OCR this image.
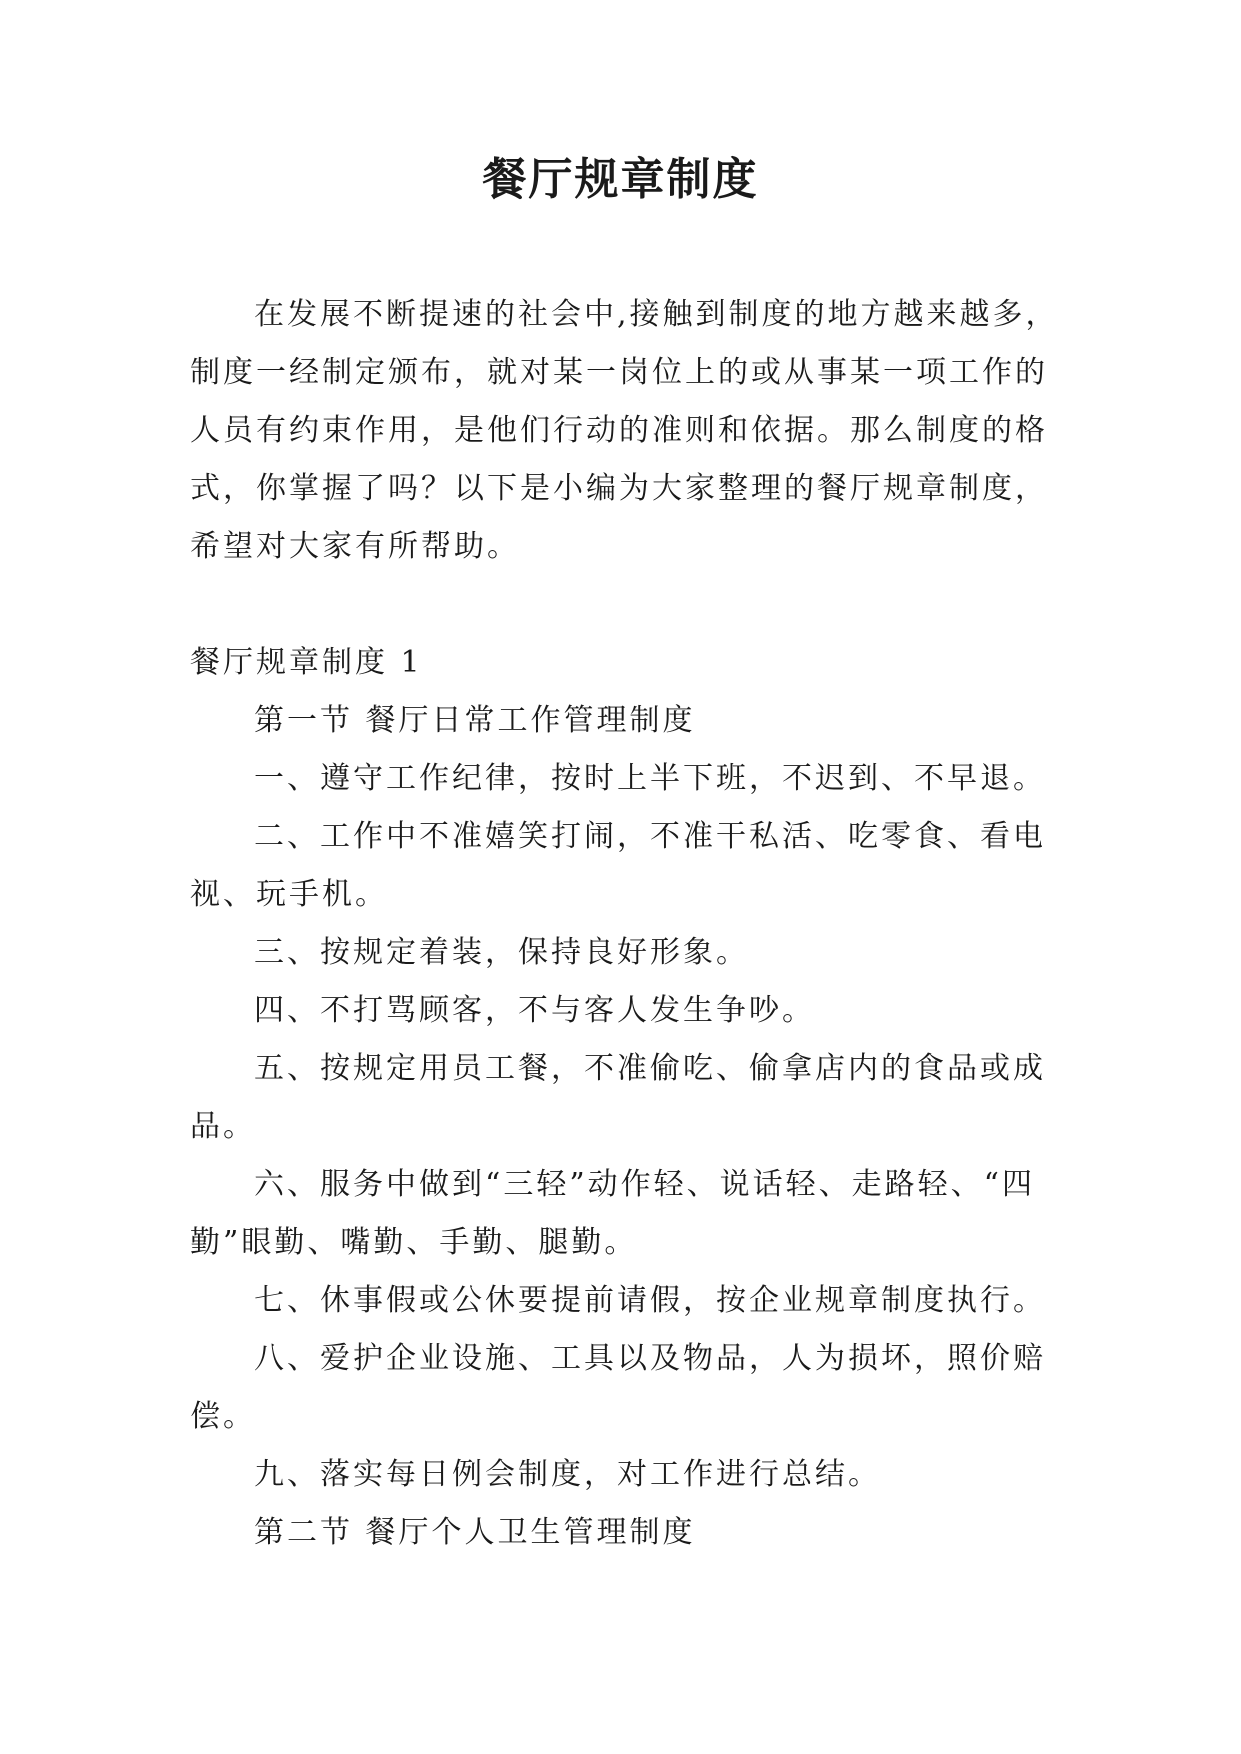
餐厅规章制度

在发展不断提速的社会中,接触到制度的地方越来越多，制度一经制定颁布，就对某一岗位上的或从事某一项工作的人员有约束作用，是他们行动的准则和依据。那么制度的格式，你掌握了吗？以下是小编为大家整理的餐厅规章制度，希望对大家有所帮助。

餐厅规章制度 1

第一节 餐厅日常工作管理制度

一、遵守工作纪律，按时上半下班，不迟到、不早退。

二、工作中不准嬉笑打闹，不准干私活、吃零食、看电视、玩手机。

三、按规定着装，保持良好形象。

四、不打骂顾客，不与客人发生争吵。

五、按规定用员工餐，不准偷吃、偷拿店内的食品或成品。

六、服务中做到“三轻”动作轻、说话轻、走路轻、“四勤”眼勤、嘴勤、手勤、腿勤。

七、休事假或公休要提前请假，按企业规章制度执行。

八、爱护企业设施、工具以及物品，人为损坏，照价赔偿。

九、落实每日例会制度，对工作进行总结。

第二节 餐厅个人卫生管理制度
